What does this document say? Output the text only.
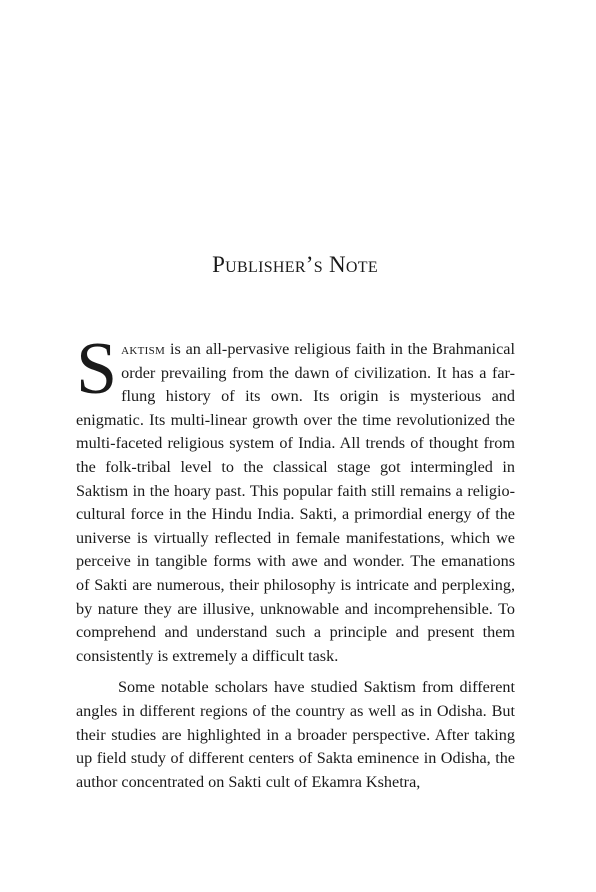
Publisher’s Note

Saktism is an all-pervasive religious faith in the Brahmanical order prevailing from the dawn of civilization. It has a far-flung history of its own. Its origin is mysterious and enigmatic. Its multi-linear growth over the time revolutionized the multi-faceted religious system of India. All trends of thought from the folk-tribal level to the classical stage got intermingled in Saktism in the hoary past. This popular faith still remains a religio-cultural force in the Hindu India. Sakti, a primordial energy of the universe is virtually reflected in female manifestations, which we perceive in tangible forms with awe and wonder. The emanations of Sakti are numerous, their philosophy is intricate and perplexing, by nature they are illusive, unknowable and incomprehensible. To comprehend and understand such a principle and present them consistently is extremely a difficult task.

Some notable scholars have studied Saktism from different angles in different regions of the country as well as in Odisha. But their studies are highlighted in a broader perspective. After taking up field study of different centers of Sakta eminence in Odisha, the author concentrated on Sakti cult of Ekamra Kshetra,
